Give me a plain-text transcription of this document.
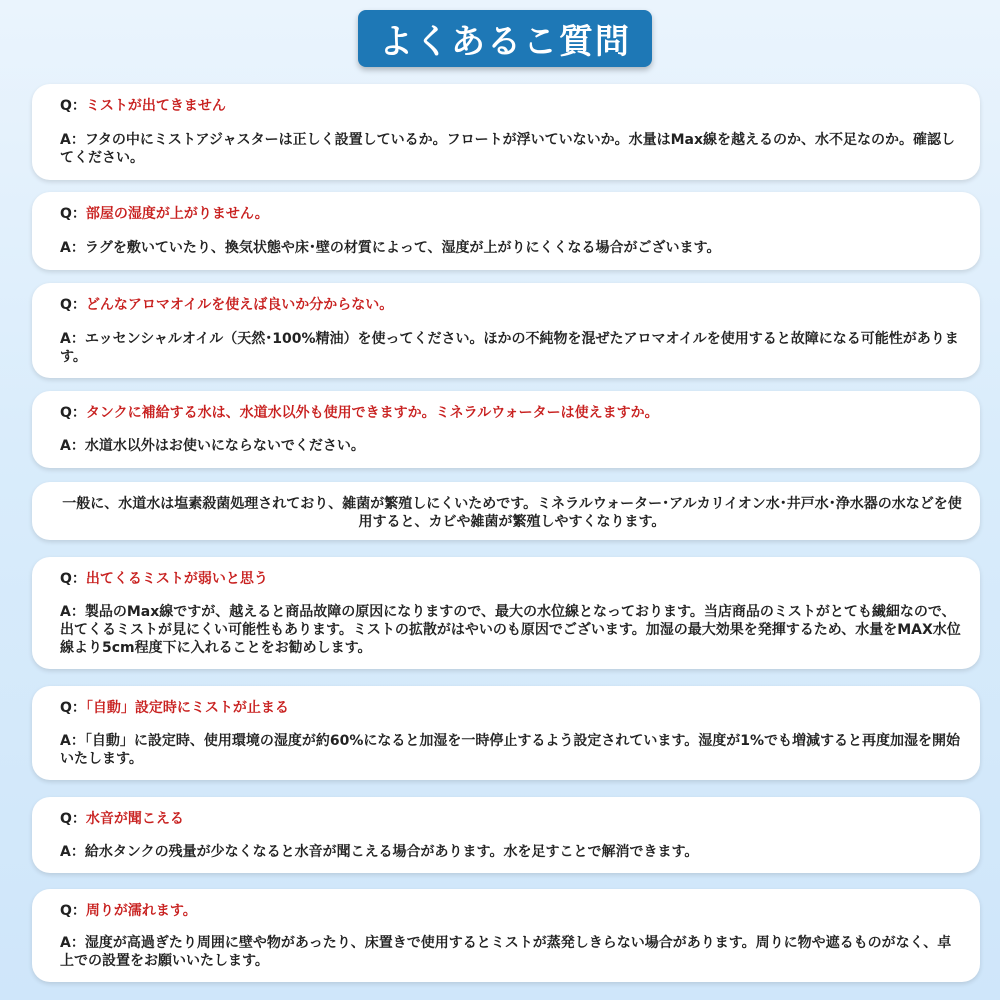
よくあるこ質問
Q：ミストが出てきません
A：フタの中にミストアジャスターは正しく設置しているか。フロートが浮いていないか。水量はMax線を越えるのか、水不足なのか。確認してください。
Q：部屋の湿度が上がりません。
A：ラグを敷いていたり、換気状態や床･壁の材質によって、湿度が上がりにくくなる場合がございます。
Q：どんなアロマオイルを使えば良いか分からない。
A：エッセンシャルオイル（天然･100%精油）を使ってください。ほかの不純物を混ぜたアロマオイルを使用すると故障になる可能性があります。
Q：タンクに補給する水は、水道水以外も使用できますか。ミネラルウォーターは使えますか。
A：水道水以外はお使いにならないでください。
一般に、水道水は塩素殺菌処理されており、雑菌が繁殖しにくいためです。ミネラルウォーター･アルカリイオン水･井戸水･浄水器の水などを使用すると、カビや雑菌が繁殖しやすくなります。
Q：出てくるミストが弱いと思う
A：製品のMax線ですが、越えると商品故障の原因になりますので、最大の水位線となっております。当店商品のミストがとても繊細なので、出てくるミストが見にくい可能性もあります。ミストの拡散がはやいのも原因でございます。加湿の最大効果を発揮するため、水量をMAX水位線より5cm程度下に入れることをお勧めします。
Q：「自動」設定時にミストが止まる
A：「自動」に設定時、使用環境の湿度が約60%になると加湿を一時停止するよう設定されています。湿度が1%でも増減すると再度加湿を開始いたします。
Q：水音が聞こえる
A：給水タンクの残量が少なくなると水音が聞こえる場合があります。水を足すことで解消できます。
Q：周りが濡れます。
A：湿度が高過ぎたり周囲に壁や物があったり、床置きで使用するとミストが蒸発しきらない場合があります。周りに物や遮るものがなく、卓上での設置をお願いいたします。
